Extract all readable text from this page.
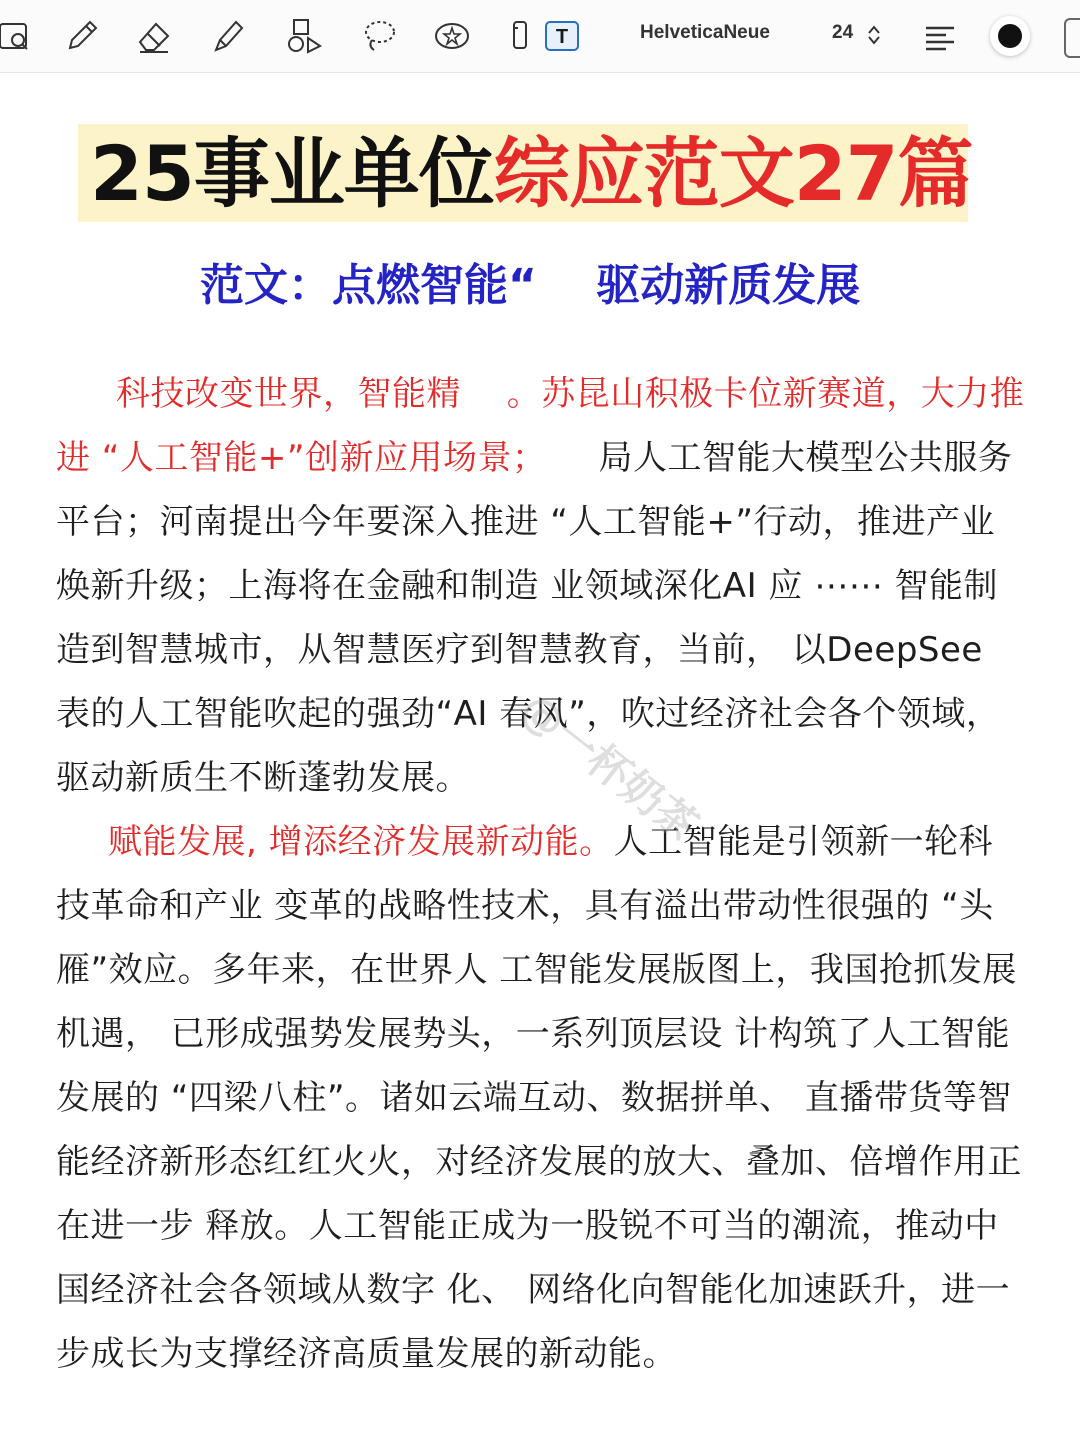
T	HelveticaNeue	24
25事业单位综应范文27篇
范文：点燃智能“　 驱动新质发展
科技改变世界，智能精　 。苏昆山积极卡位新赛道，大力推进 “人工智能+”创新应用场景；　　局人工智能大模型公共服务平台；河南提出今年要深入推进 “人工智能+”行动，推进产业焕新升级；上海将在金融和制造 业领域深化AI 应 ⋯⋯ 智能制造到智慧城市，从智慧医疗到智慧教育，当前， 以DeepSee　 表的人工智能吹起的强劲“AI 春风”，吹过经济社会各个领域， 驱动新质生不断蓬勃发展。
赋能发展, 增添经济发展新动能。人工智能是引领新一轮科技革命和产业 变革的战略性技术，具有溢出带动性很强的 “头雁”效应。多年来，在世界人 工智能发展版图上，我国抢抓发展机遇， 已形成强势发展势头，一系列顶层设 计构筑了人工智能发展的 “四梁八柱”。诸如云端互动、数据拼单、 直播带货等智能经济新形态红红火火，对经济发展的放大、叠加、倍增作用正在进一步 释放。人工智能正成为一股锐不可当的潮流，推动中国经济社会各领域从数字 化、 网络化向智能化加速跃升，进一步成长为支撑经济高质量发展的新动能。
@一杯奶茶
